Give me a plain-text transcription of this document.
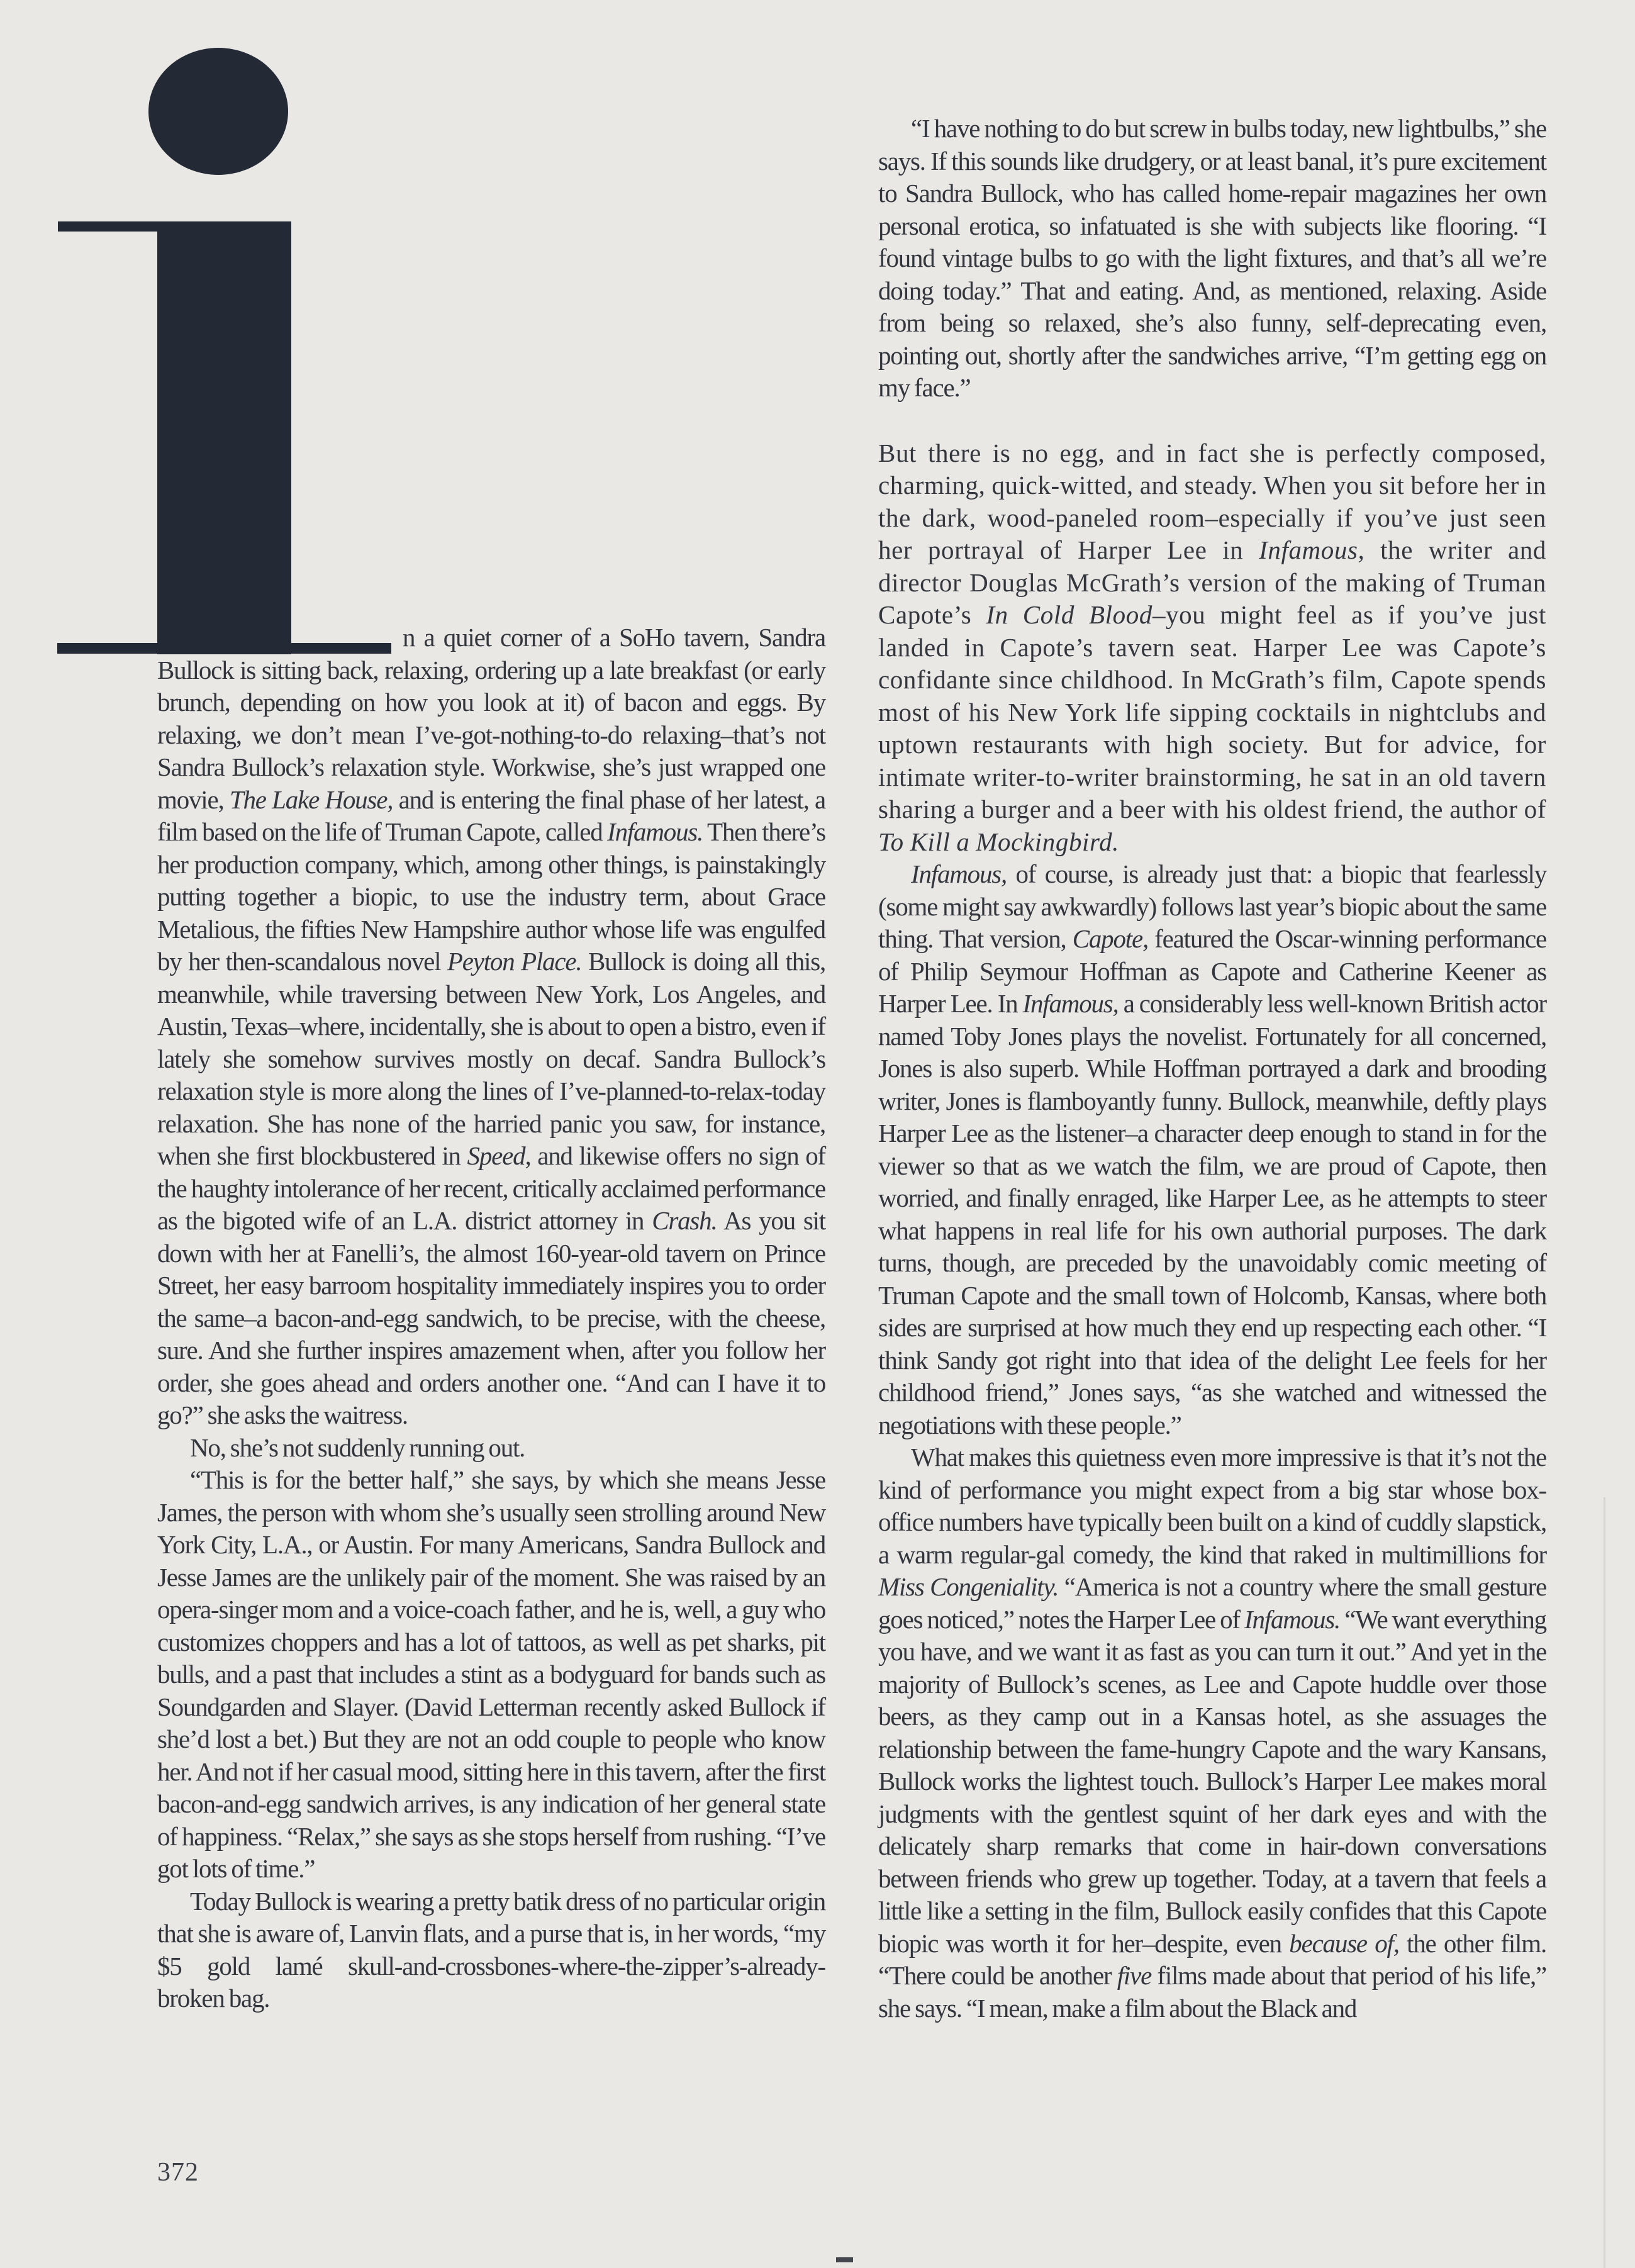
n a quiet corner of a SoHo tavern, Sandra Bullock is sitting back, relaxing, ordering up a late breakfast (or early brunch, depending on how you look at it) of bacon and eggs. By relaxing, we don’t mean I’ve-got-nothing-to-do relaxing–that’s not Sandra Bullock’s relaxation style. Workwise, she’s just wrapped one movie, The Lake House, and is entering the final phase of her latest, a film based on the life of Truman Capote, called Infamous. Then there’s her production company, which, among other things, is painstakingly putting together a biopic, to use the industry term, about Grace Metalious, the fifties New Hampshire author whose life was engulfed by her then-scandalous novel Peyton Place. Bullock is doing all this, meanwhile, while traversing between New York, Los Angeles, and Austin, Texas–where, incidentally, she is about to open a bistro, even if lately she somehow survives mostly on decaf. Sandra Bullock’s relaxation style is more along the lines of I’ve-planned-to-relax-today relaxation. She has none of the harried panic you saw, for instance, when she first blockbustered in Speed, and likewise offers no sign of the haughty intolerance of her recent, critically acclaimed performance as the bigoted wife of an L.A. district attorney in Crash. As you sit down with her at Fanelli’s, the almost 160-year-old tavern on Prince Street, her easy barroom hospitality immediately inspires you to order the same–a bacon-and-egg sandwich, to be precise, with the cheese, sure. And she further inspires amazement when, after you follow her order, she goes ahead and orders another one. “And can I have it to go?” she asks the waitress.

No, she’s not suddenly running out.

“This is for the better half,” she says, by which she means Jesse James, the person with whom she’s usually seen strolling around New York City, L.A., or Austin. For many Americans, Sandra Bullock and Jesse James are the unlikely pair of the moment. She was raised by an opera-singer mom and a voice-coach father, and he is, well, a guy who customizes choppers and has a lot of tattoos, as well as pet sharks, pit bulls, and a past that includes a stint as a bodyguard for bands such as Soundgarden and Slayer. (David Letterman recently asked Bullock if she’d lost a bet.) But they are not an odd couple to people who know her. And not if her casual mood, sitting here in this tavern, after the first bacon-and-egg sandwich arrives, is any indication of her general state of happiness. “Relax,” she says as she stops herself from rushing. “I’ve got lots of time.”

Today Bullock is wearing a pretty batik dress of no particular origin that she is aware of, Lanvin flats, and a purse that is, in her words, “my $5 gold lamé skull-and-crossbones-where-the-zipper’s-already-broken bag.

“I have nothing to do but screw in bulbs today, new lightbulbs,” she says. If this sounds like drudgery, or at least banal, it’s pure excitement to Sandra Bullock, who has called home-repair magazines her own personal erotica, so infatuated is she with subjects like flooring. “I found vintage bulbs to go with the light fixtures, and that’s all we’re doing today.” That and eating. And, as mentioned, relaxing. Aside from being so relaxed, she’s also funny, self-deprecating even, pointing out, shortly after the sandwiches arrive, “I’m getting egg on my face.”

But there is no egg, and in fact she is perfectly composed, charming, quick-witted, and steady. When you sit before her in the dark, wood-paneled room–especially if you’ve just seen her portrayal of Harper Lee in Infamous, the writer and director Douglas McGrath’s version of the making of Truman Capote’s In Cold Blood–you might feel as if you’ve just landed in Capote’s tavern seat. Harper Lee was Capote’s confidante since childhood. In McGrath’s film, Capote spends most of his New York life sipping cocktails in nightclubs and uptown restaurants with high society. But for advice, for intimate writer-to-writer brainstorming, he sat in an old tavern sharing a burger and a beer with his oldest friend, the author of To Kill a Mockingbird.

Infamous, of course, is already just that: a biopic that fearlessly (some might say awkwardly) follows last year’s biopic about the same thing. That version, Capote, featured the Oscar-winning performance of Philip Seymour Hoffman as Capote and Catherine Keener as Harper Lee. In Infamous, a considerably less well-known British actor named Toby Jones plays the novelist. Fortunately for all concerned, Jones is also superb. While Hoffman portrayed a dark and brooding writer, Jones is flamboyantly funny. Bullock, meanwhile, deftly plays Harper Lee as the listener–a character deep enough to stand in for the viewer so that as we watch the film, we are proud of Capote, then worried, and finally enraged, like Harper Lee, as he attempts to steer what happens in real life for his own authorial purposes. The dark turns, though, are preceded by the unavoidably comic meeting of Truman Capote and the small town of Holcomb, Kansas, where both sides are surprised at how much they end up respecting each other. “I think Sandy got right into that idea of the delight Lee feels for her childhood friend,” Jones says, “as she watched and witnessed the negotiations with these people.”

What makes this quietness even more impressive is that it’s not the kind of performance you might expect from a big star whose box-office numbers have typically been built on a kind of cuddly slapstick, a warm regular-gal comedy, the kind that raked in multimillions for Miss Congeniality. “America is not a country where the small gesture goes noticed,” notes the Harper Lee of Infamous. “We want everything you have, and we want it as fast as you can turn it out.” And yet in the majority of Bullock’s scenes, as Lee and Capote huddle over those beers, as they camp out in a Kansas hotel, as she assuages the relationship between the fame-hungry Capote and the wary Kansans, Bullock works the lightest touch. Bullock’s Harper Lee makes moral judgments with the gentlest squint of her dark eyes and with the delicately sharp remarks that come in hair-down conversations between friends who grew up together. Today, at a tavern that feels a little like a setting in the film, Bullock easily confides that this Capote biopic was worth it for her–despite, even because of, the other film. “There could be another five films made about that period of his life,” she says. “I mean, make a film about the Black and

372
